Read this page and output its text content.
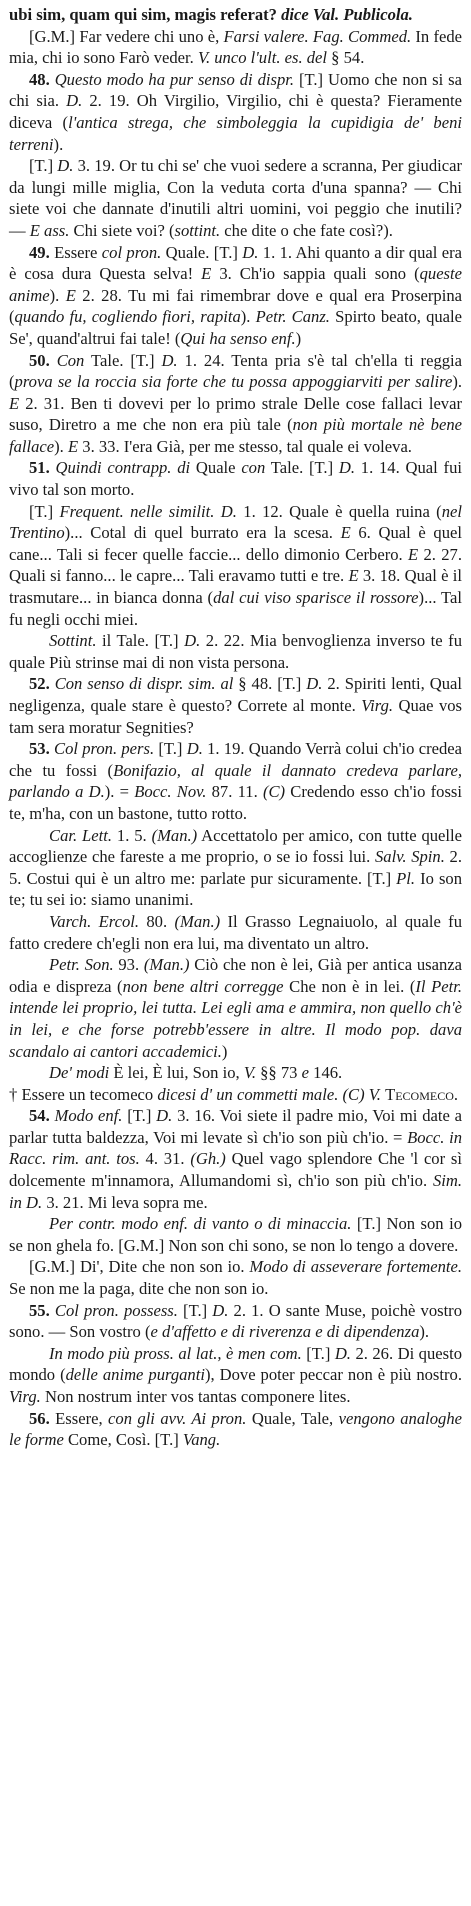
ubi sim, quam qui sim, magis referat? dice Val. Publicola.

[G.M.] Far vedere chi uno è, Farsi valere. Fag. Commed. In fede mia, chi io sono Farò veder. V. unco l'ult. es. del § 54.

48. Questo modo ha pur senso di dispr. [T.] Uomo che non si sa chi sia. D. 2. 19. Oh Virgilio, Virgilio, chi è questa? Fieramente diceva (l'antica strega, che simboleggia la cupidigia de' beni terreni).

[T.] D. 3. 19. Or tu chi se' che vuoi sedere a scranna, Per giudicar da lungi mille miglia, Con la veduta corta d'una spanna? — Chi siete voi che dannate d'inutili altri uomini, voi peggio che inutili? — E ass. Chi siete voi? (sottint. che dite o che fate così?).

49. Essere col pron. Quale. [T.] D. 1. 1. Ahi quanto a dir qual era è cosa dura Questa selva! E 3. Ch'io sappia quali sono (queste anime). E 2. 28. Tu mi fai rimembrar dove e qual era Proserpina (quando fu, cogliendo fiori, rapita). Petr. Canz. Spirto beato, quale Se', quand'altrui fai tale! (Qui ha senso enf.)

50. Con Tale. [T.] D. 1. 24. Tenta pria s'è tal ch'ella ti reggia (prova se la roccia sia forte che tu possa appoggiarviti per salire). E 2. 31. Ben ti dovevi per lo primo strale Delle cose fallaci levar suso, Diretro a me che non era più tale (non più mortale nè bene fallace). E 3. 33. I'era Già, per me stesso, tal quale ei voleva.

51. Quindi contrapp. di Quale con Tale. [T.] D. 1. 14. Qual fui vivo tal son morto.

[T.] Frequent. nelle similit. D. 1. 12. Quale è quella ruina (nel Trentino)... Cotal di quel burrato era la scesa. E 6. Qual è quel cane... Tali si fecer quelle faccie... dello dimonio Cerbero. E 2. 27. Quali si fanno... le capre... Tali eravamo tutti e tre. E 3. 18. Qual è il trasmutare... in bianca donna (dal cui viso sparisce il rossore)... Tal fu negli occhi miei.

Sottint. il Tale. [T.] D. 2. 22. Mia benvoglienza inverso te fu quale Più strinse mai di non vista persona.

52. Con senso di dispr. sim. al § 48. [T.] D. 2. Spiriti lenti, Qual negligenza, quale stare è questo? Correte al monte. Virg. Quae vos tam sera moratur Segnities?

53. Col pron. pers. [T.] D. 1. 19. Quando Verrà colui ch'io credea che tu fossi (Bonifazio, al quale il dannato credeva parlare, parlando a D.). = Bocc. Nov. 87. 11. (C) Credendo esso ch'io fossi te, m'ha, con un bastone, tutto rotto.

Car. Lett. 1. 5. (Man.) Accettatolo per amico, con tutte quelle accoglienze che fareste a me proprio, o se io fossi lui. Salv. Spin. 2. 5. Costui qui è un altro me: parlate pur sicuramente. [T.] Pl. Io son te; tu sei io: siamo unanimi.

Varch. Ercol. 80. (Man.) Il Grasso Legnaiuolo, al quale fu fatto credere ch'egli non era lui, ma diventato un altro.

Petr. Son. 93. (Man.) Ciò che non è lei, Già per antica usanza odia e dispreza (non bene altri corregge Che non è in lei. (Il Petr. intende lei proprio, lei tutta. Lei egli ama e ammira, non quello ch'è in lei, e che forse potrebb'essere in altre. Il modo pop. dava scandalo ai cantori accademici.)

De' modi È lei, È lui, Son io, V. §§ 73 e 146.

† Essere un tecomeco dicesi d' un commetti male. (C) V. Tecomeco.

54. Modo enf. [T.] D. 3. 16. Voi siete il padre mio, Voi mi date a parlar tutta baldezza, Voi mi levate sì ch'io son più ch'io. = Bocc. in Racc. rim. ant. tos. 4. 31. (Gh.) Quel vago splendore Che 'l cor sì dolcemente m'innamora, Allumandomi sì, ch'io son più ch'io. Sim. in D. 3. 21. Mi leva sopra me.

Per contr. modo enf. di vanto o di minaccia. [T.] Non son io se non ghela fo. [G.M.] Non son chi sono, se non lo tengo a dovere.

[G.M.] Di', Dite che non son io. Modo di asseverare fortemente. Se non me la paga, dite che non son io.

55. Col pron. possess. [T.] D. 2. 1. O sante Muse, poichè vostro sono. — Son vostro (e d'affetto e di riverenza e di dipendenza).

In modo più pross. al lat., è men com. [T.] D. 2. 26. Di questo mondo (delle anime purganti), Dove poter peccar non è più nostro. Virg. Non nostrum inter vos tantas componere lites.

56. Essere, con gli avv. Ai pron. Quale, Tale, vengono analoghe le forme Come, Così. [T.] Vang.
